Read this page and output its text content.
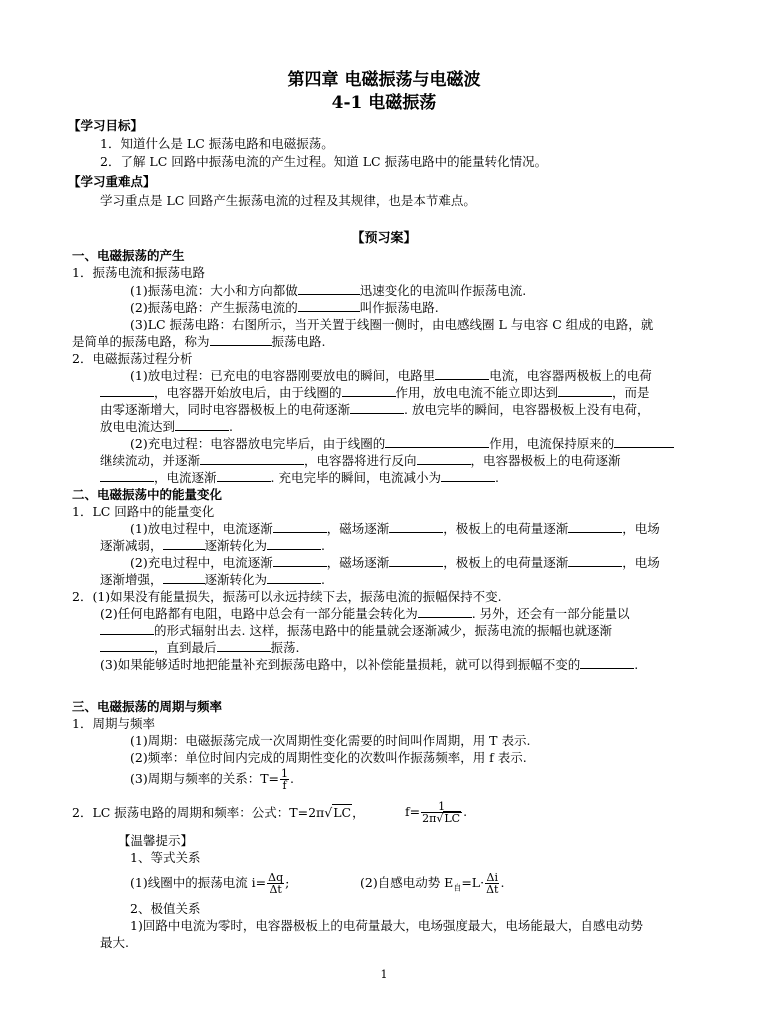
第四章 电磁振荡与电磁波
4-1 电磁振荡
【学习目标】
1．知道什么是 LC 振荡电路和电磁振荡。
2．了解 LC 回路中振荡电流的产生过程。知道 LC 振荡电路中的能量转化情况。
【学习重难点】
学习重点是 LC 回路产生振荡电流的过程及其规律，也是本节难点。
【预习案】
一、电磁振荡的产生
1．振荡电流和振荡电路
(1)振荡电流：大小和方向都做	迅速变化的电流叫作振荡电流.
(2)振荡电路：产生振荡电流的	叫作振荡电路.
(3)LC 振荡电路：右图所示，当开关置于线圈一侧时，由电感线圈 L 与电容 C 组成的电路，就
是简单的振荡电路，称为	振荡电路.
2．电磁振荡过程分析
(1)放电过程：已充电的电容器刚要放电的瞬间，电路里	电流，电容器两极板上的电荷
，电容器开始放电后，由于线圈的	作用，放电电流不能立即达到	，而是
由零逐渐增大，同时电容器极板上的电荷逐渐	. 放电完毕的瞬间，电容器极板上没有电荷，
放电电流达到	.
(2)充电过程：电容器放电完毕后，由于线圈的	作用，电流保持原来的
继续流动，并逐渐	，电容器将进行反向	，电容器极板上的电荷逐渐
，电流逐渐	. 充电完毕的瞬间，电流减小为	.
二、电磁振荡中的能量变化
1．LC 回路中的能量变化
(1)放电过程中，电流逐渐	，磁场逐渐	，极板上的电荷量逐渐	，电场
逐渐减弱，	逐渐转化为	.
(2)充电过程中，电流逐渐	，磁场逐渐	，极板上的电荷量逐渐	，电场
逐渐增强，	逐渐转化为	.
2．(1)如果没有能量损失，振荡可以永远持续下去，振荡电流的振幅保持不变.
(2)任何电路都有电阻，电路中总会有一部分能量会转化为	. 另外，还会有一部分能量以
的形式辐射出去. 这样，振荡电路中的能量就会逐渐减少，振荡电流的振幅也就逐渐
，直到最后	振荡.
(3)如果能够适时地把能量补充到振荡电路中，以补偿能量损耗，就可以得到振幅不变的	.
三、电磁振荡的周期与频率
1．周期与频率
(1)周期：电磁振荡完成一次周期性变化需要的时间叫作周期，用 T 表示.
(2)频率：单位时间内完成的周期性变化的次数叫作振荡频率，用 f 表示.
(3)周期与频率的关系：$T= \frac{1}{f}$ .
2．LC 振荡电路的周期和频率：公式：T=2π√LC，	$f= \frac{1}{2\pi√LC}$ .
【温馨提示】
1、等式关系
(1)线圈中的振荡电流 $i= \frac{\Delta q}{\Delta t}$ ;	(2)自感电动势 $E_自=L\cdot \frac{\Delta i}{\Delta t}$ .
2、极值关系
1)回路中电流为零时，电容器极板上的电荷量最大，电场强度最大，电场能最大，自感电动势
最大.
1
